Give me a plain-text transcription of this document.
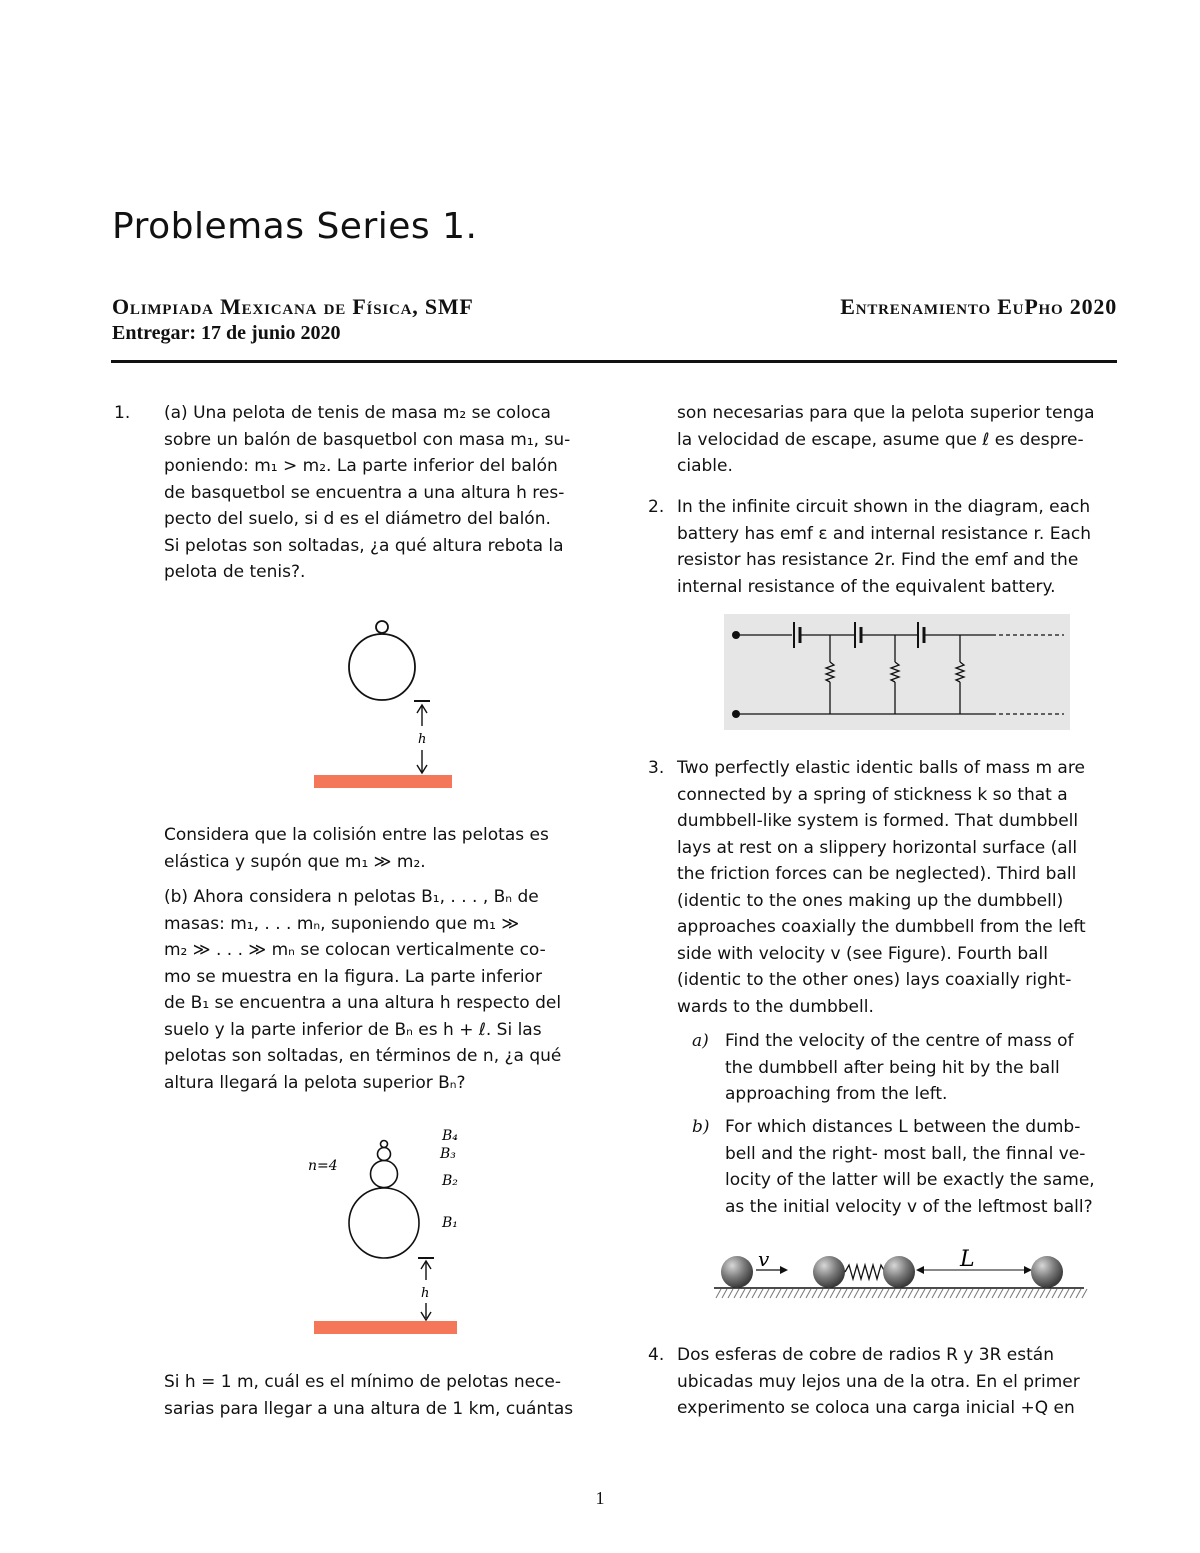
Problemas Series 1.
Olimpiada Mexicana de Física, SMF	Entrenamiento EuPho 2020
Entregar: 17 de junio 2020
1. (a) Una pelota de tenis de masa m₂ se coloca

sobre un balón de basquetbol con masa m₁, su-

poniendo: m₁ > m₂. La parte inferior del balón

de basquetbol se encuentra a una altura h res-

pecto del suelo, si d es el diámetro del balón.

Si pelotas son soltadas, ¿a qué altura rebota la

pelota de tenis?.

h

Considera que la colisión entre las pelotas es

elástica y supón que m₁ ≫ m₂.

(b) Ahora considera n pelotas B₁, . . . , Bₙ de

masas: m₁, . . . mₙ, suponiendo que m₁ ≫

m₂ ≫ . . . ≫ mₙ se colocan verticalmente co-

mo se muestra en la figura. La parte inferior

de B₁ se encuentra a una altura h respecto del

suelo y la parte inferior de Bₙ es h + ℓ. Si las

pelotas son soltadas, en términos de n, ¿a qué

altura llegará la pelota superior Bₙ?

B₄
B₃
B₂
B₁
n=4
h

Si h = 1 m, cuál es el mínimo de pelotas nece-

sarias para llegar a una altura de 1 km, cuántas

son necesarias para que la pelota superior tenga

la velocidad de escape, asume que ℓ es despre-

ciable.

2. In the infinite circuit shown in the diagram, each

battery has emf ε and internal resistance r. Each

resistor has resistance 2r. Find the emf and the

internal resistance of the equivalent battery.

3. Two perfectly elastic identic balls of mass m are

connected by a spring of stickness k so that a

dumbbell-like system is formed. That dumbbell

lays at rest on a slippery horizontal surface (all

the friction forces can be neglected). Third ball

(identic to the ones making up the dumbbell)

approaches coaxially the dumbbell from the left

side with velocity v (see Figure). Fourth ball

(identic to the other ones) lays coaxially right-

wards to the dumbbell.

a) Find the velocity of the centre of mass of

the dumbbell after being hit by the ball

approaching from the left.

b) For which distances L between the dumb-

bell and the right- most ball, the finnal ve-

locity of the latter will be exactly the same,

as the initial velocity v of the leftmost ball?

v	L
4. Dos esferas de cobre de radios R y 3R están

ubicadas muy lejos una de la otra. En el primer

experimento se coloca una carga inicial +Q en

1
